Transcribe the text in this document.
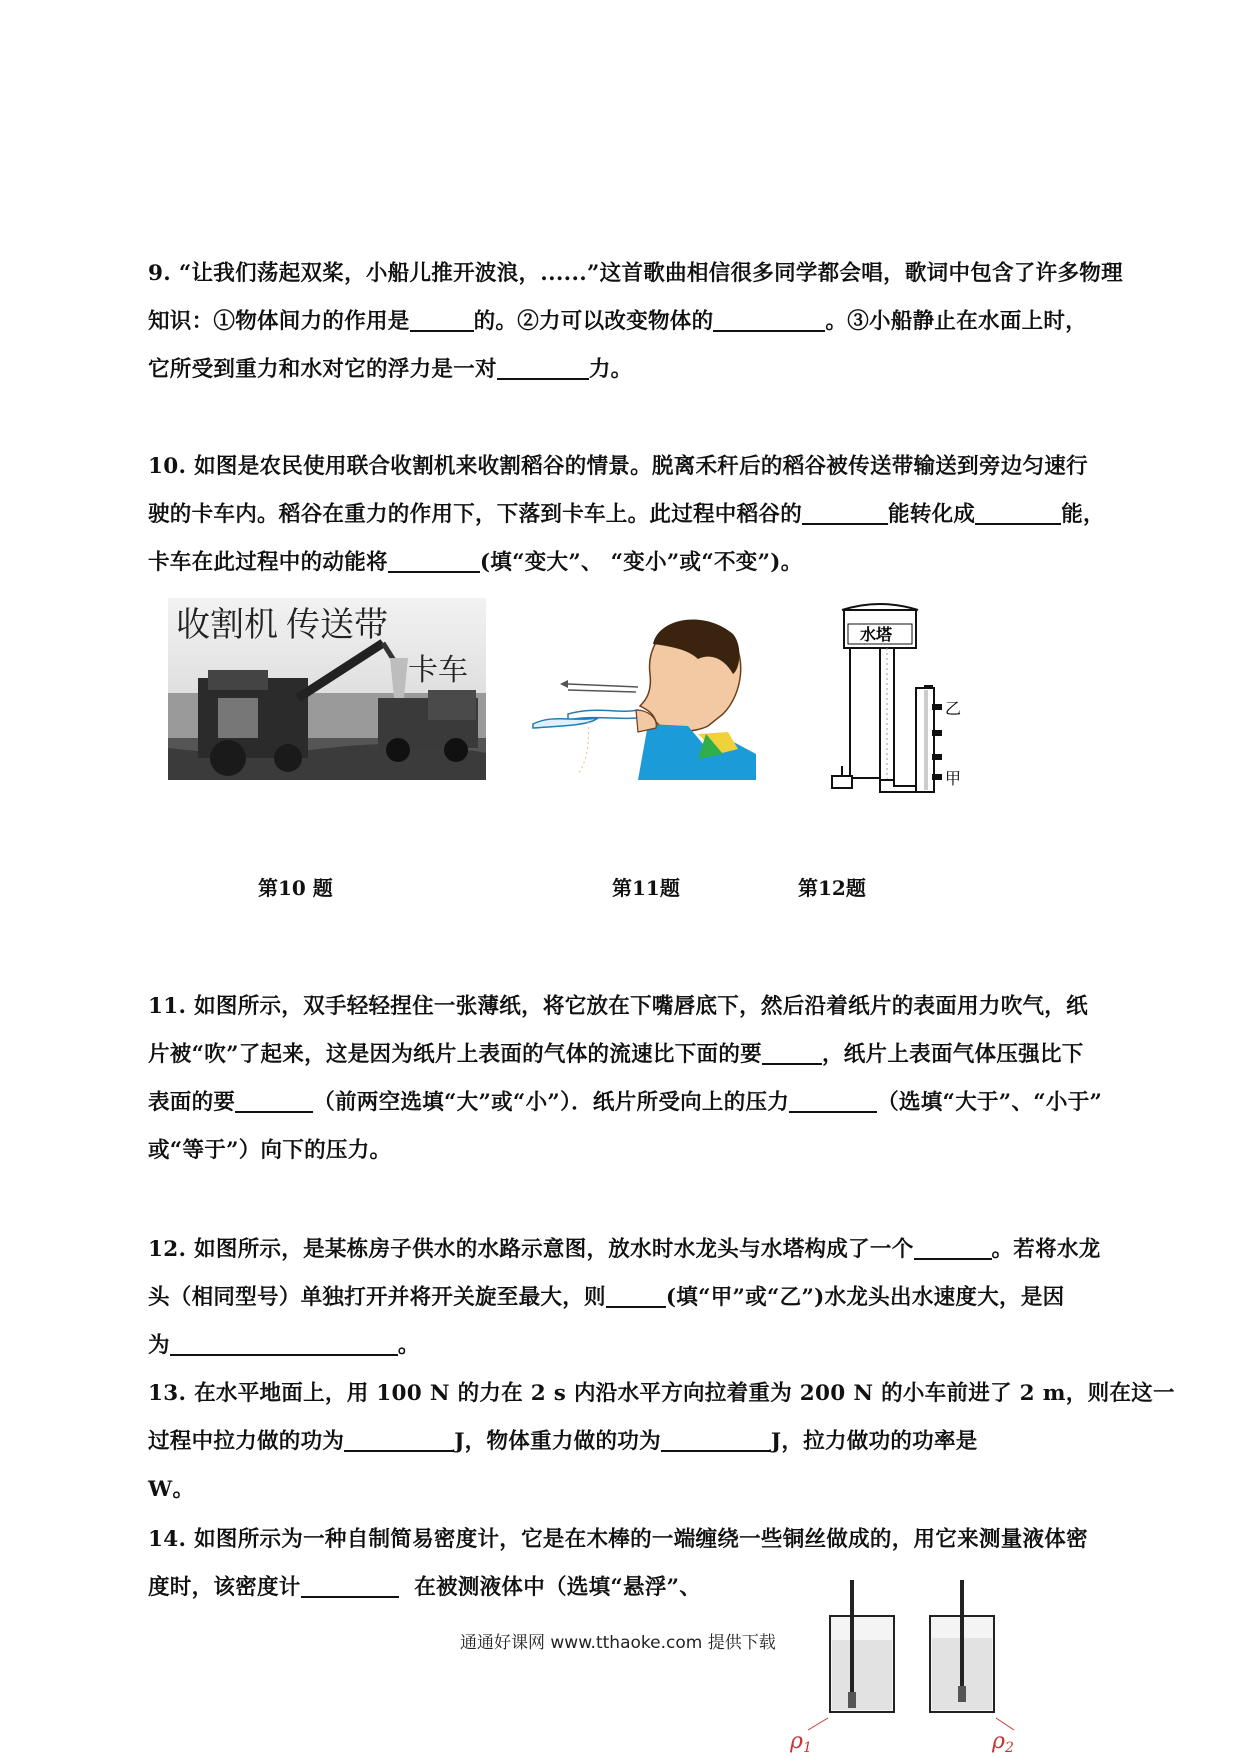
9. “让我们荡起双桨，小船儿推开波浪，......”这首歌曲相信很多同学都会唱，歌词中包含了许多物理
知识：①物体间力的作用是	的。②力可以改变物体的	。③小船静止在水面上时，
它所受到重力和水对它的浮力是一对	力。
10. 如图是农民使用联合收割机来收割稻谷的情景。脱离禾秆后的稻谷被传送带输送到旁边匀速行
驶的卡车内。稻谷在重力的作用下，下落到卡车上。此过程中稻谷的	能转化成	能，
卡车在此过程中的动能将	(填“变大”、 “变小”或“不变”)。
收割机 传送带
卡车
水塔
乙
甲
第10 题	第11题	第12题
11. 如图所示，双手轻轻捏住一张薄纸，将它放在下嘴唇底下，然后沿着纸片的表面用力吹气，纸
片被“吹”了起来，这是因为纸片上表面的气体的流速比下面的要	，纸片上表面气体压强比下
表面的要	（前两空选填“大”或“小”）．纸片所受向上的压力	（选填“大于”、“小于”
或“等于”）向下的压力。
12. 如图所示，是某栋房子供水的水路示意图，放水时水龙头与水塔构成了一个	。若将水龙
头（相同型号）单独打开并将开关旋至最大，则	(填“甲”或“乙”)水龙头出水速度大，是因
为	。
13. 在水平地面上，用 100 N 的力在 2 s 内沿水平方向拉着重为 200 N 的小车前进了 2 m，则在这一
过程中拉力做的功为	J，物体重力做的功为	J，拉力做功的功率是
W。
14. 如图所示为一种自制简易密度计，它是在木棒的一端缠绕一些铜丝做成的，用它来测量液体密
度时，该密度计	在被测液体中（选填“悬浮”、
ρ1	ρ2
通通好课网 www.tthaoke.com 提供下载
